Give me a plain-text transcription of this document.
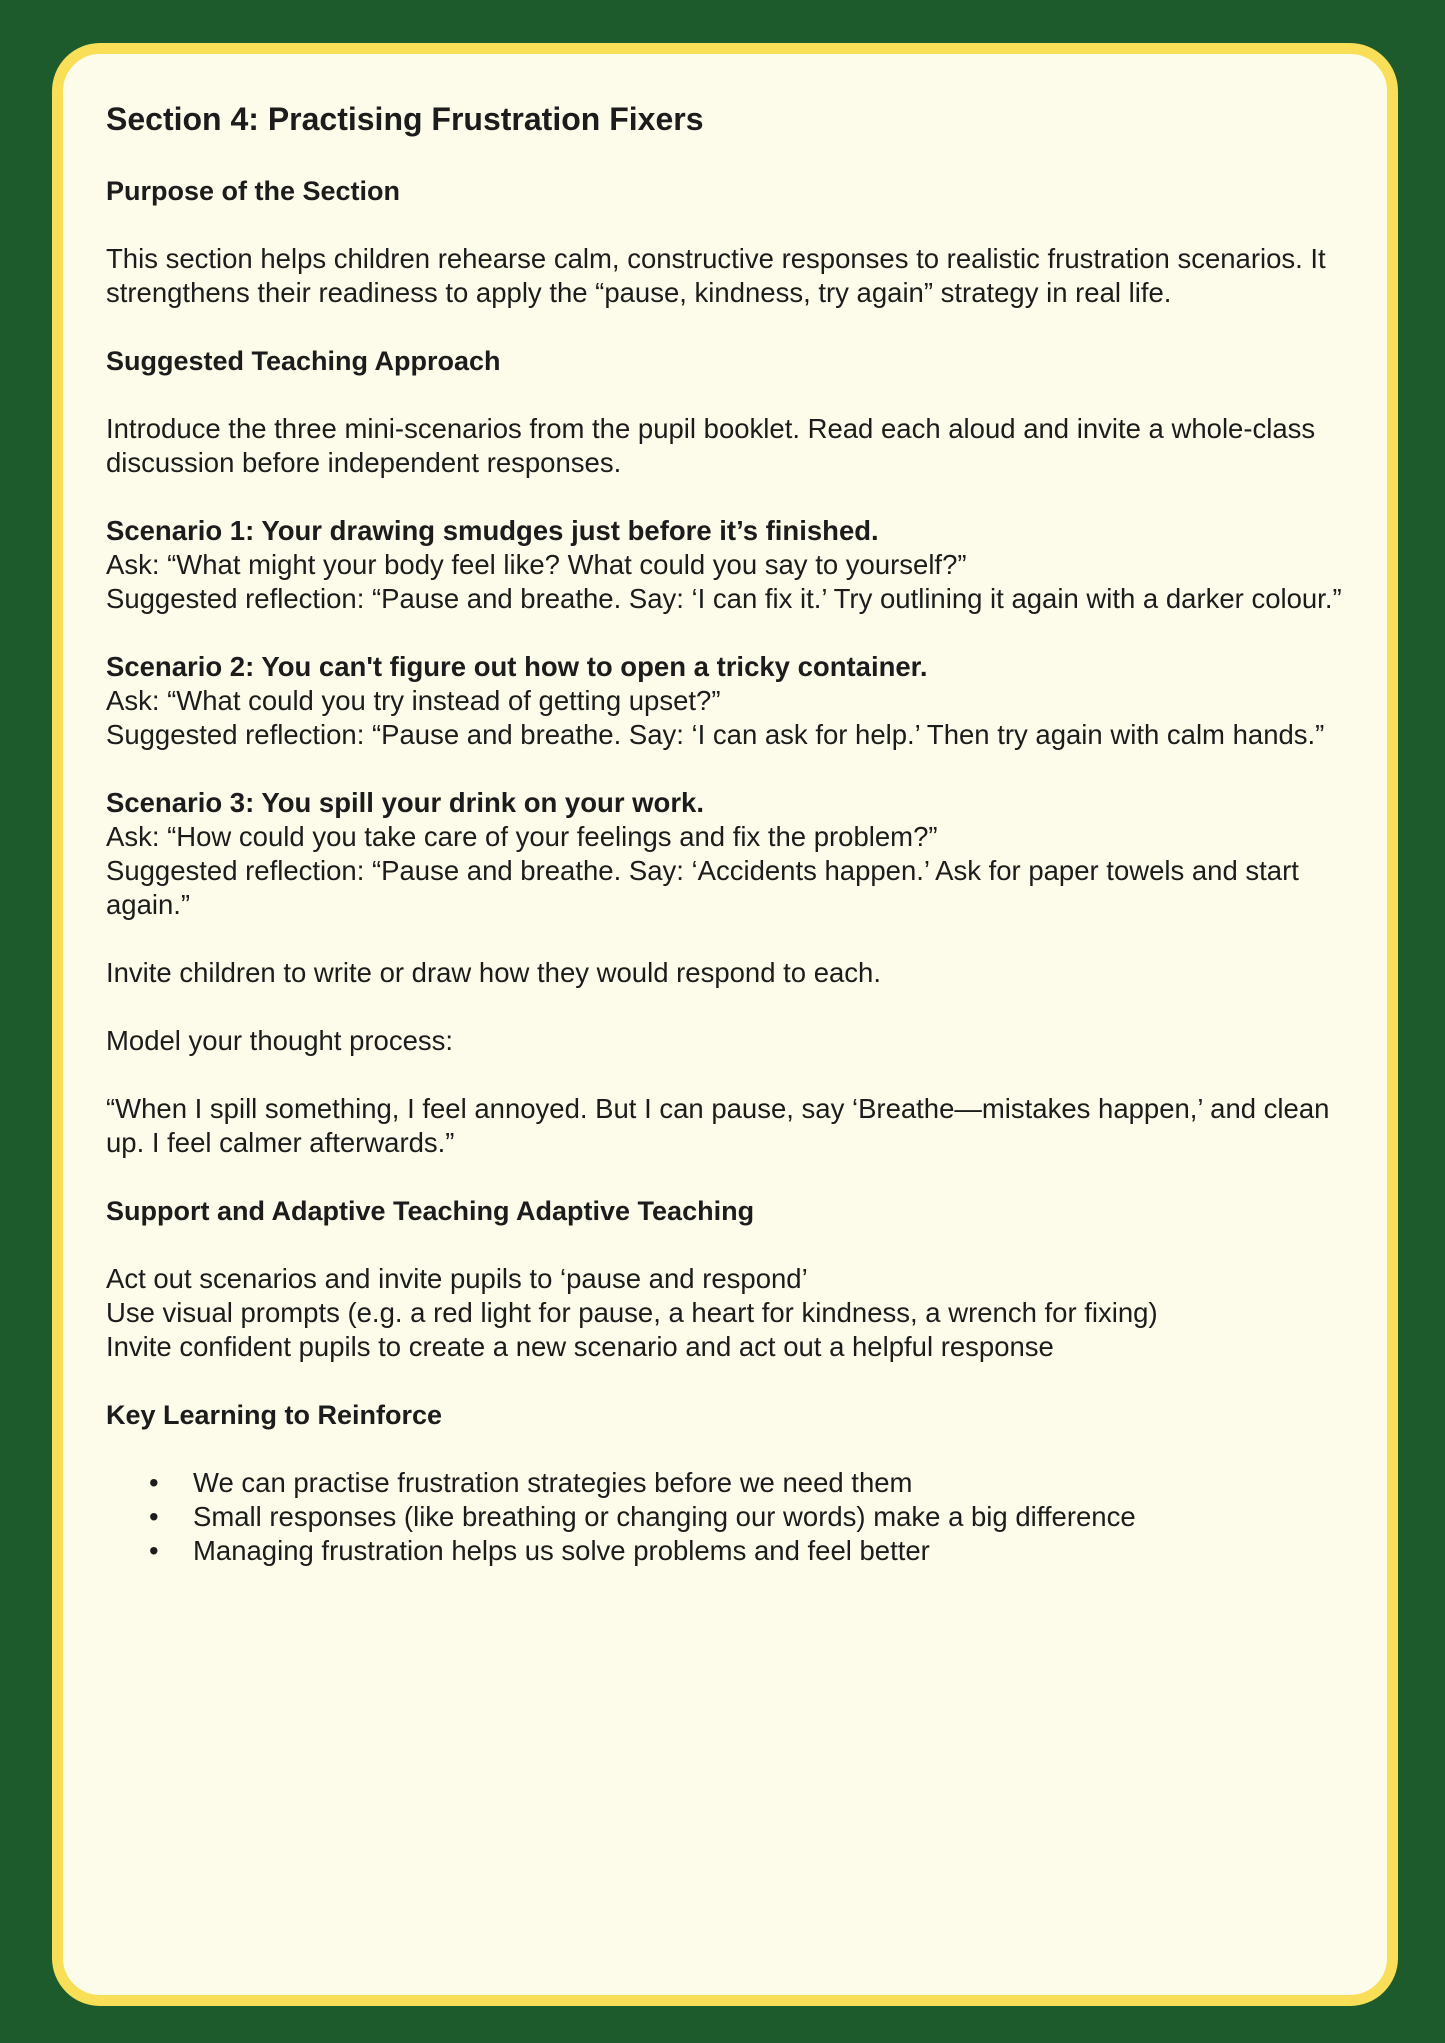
Section 4: Practising Frustration Fixers
Purpose of the Section

This section helps children rehearse calm, constructive responses to realistic frustration scenarios. It strengthens their readiness to apply the “pause, kindness, try again” strategy in real life.

Suggested Teaching Approach

Introduce the three mini-scenarios from the pupil booklet. Read each aloud and invite a whole-class discussion before independent responses.

Scenario 1: Your drawing smudges just before it’s finished.
Ask: “What might your body feel like? What could you say to yourself?”
Suggested reflection: “Pause and breathe. Say: ‘I can fix it.’ Try outlining it again with a darker colour.”
Scenario 2: You can't figure out how to open a tricky container.
Ask: “What could you try instead of getting upset?”
Suggested reflection: “Pause and breathe. Say: ‘I can ask for help.’ Then try again with calm hands.”
Scenario 3: You spill your drink on your work.
Ask: “How could you take care of your feelings and fix the problem?”
Suggested reflection: “Pause and breathe. Say: ‘Accidents happen.’ Ask for paper towels and start again.”

Invite children to write or draw how they would respond to each.

Model your thought process:

“When I spill something, I feel annoyed. But I can pause, say ‘Breathe—mistakes happen,’ and clean up. I feel calmer afterwards.”

Support and Adaptive Teaching Adaptive Teaching
Act out scenarios and invite pupils to ‘pause and respond’
Use visual prompts (e.g. a red light for pause, a heart for kindness, a wrench for fixing)
Invite confident pupils to create a new scenario and act out a helpful response
Key Learning to Reinforce
• We can practise frustration strategies before we need them
• Small responses (like breathing or changing our words) make a big difference
• Managing frustration helps us solve problems and feel better
